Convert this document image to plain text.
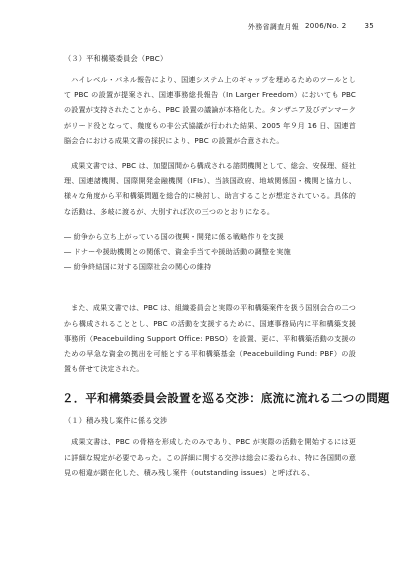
外務省調査月報 2006/No. 2	35
（３）平和構築委員会（PBC）

ハイレベル・パネル報告により、国連システム上のギャップを埋めるためのツールとして PBC の設置が提案され、国連事務総長報告（In Larger Freedom）においても PBC の設置が支持されたことから、PBC 設置の議論が本格化した。タンザニア及びデンマークがリード役となって、幾度もの非公式協議が行われた結果、2005 年９月 16 日、国連首脳会合における成果文書の採択により、PBC の設置が合意された。

成果文書では、PBC は、加盟国間から構成される諮問機関として、総会、安保理、経社理、国連諸機関、国際開発金融機関（IFIs）、当該国政府、地域関係国・機関と協力し、様々な角度から平和構築問題を総合的に検討し、助言することが想定されている。具体的な活動は、多岐に渡るが、大別すれば次の三つのとおりになる。

― 紛争から立ち上がっている国の復興・開発に係る戦略作りを支援
― ドナーや援助機関との関係で、資金手当てや援助活動の調整を実施
― 紛争終結国に対する国際社会の関心の維持

また、成果文書では、PBC は、組織委員会と実際の平和構築案件を扱う国別会合の二つから構成されることとし、PBC の活動を支援するために、国連事務局内に平和構築支援事務所（Peacebuilding Support Office: PBSO）を設置、更に、平和構築活動の支援のための早急な資金の拠出を可能とする平和構築基金（Peacebuilding Fund: PBF）の設置も併せて決定された。

２．平和構築委員会設置を巡る交渉：底流に流れる二つの問題
（１）積み残し案件に係る交渉

成果文書は、PBC の骨格を形成したのみであり、PBC が実際の活動を開始するには更に詳細な規定が必要であった。この詳細に関する交渉は総会に委ねられ、特に各国間の意見の相違が顕在化した、積み残し案件（outstanding issues）と呼ばれる、
